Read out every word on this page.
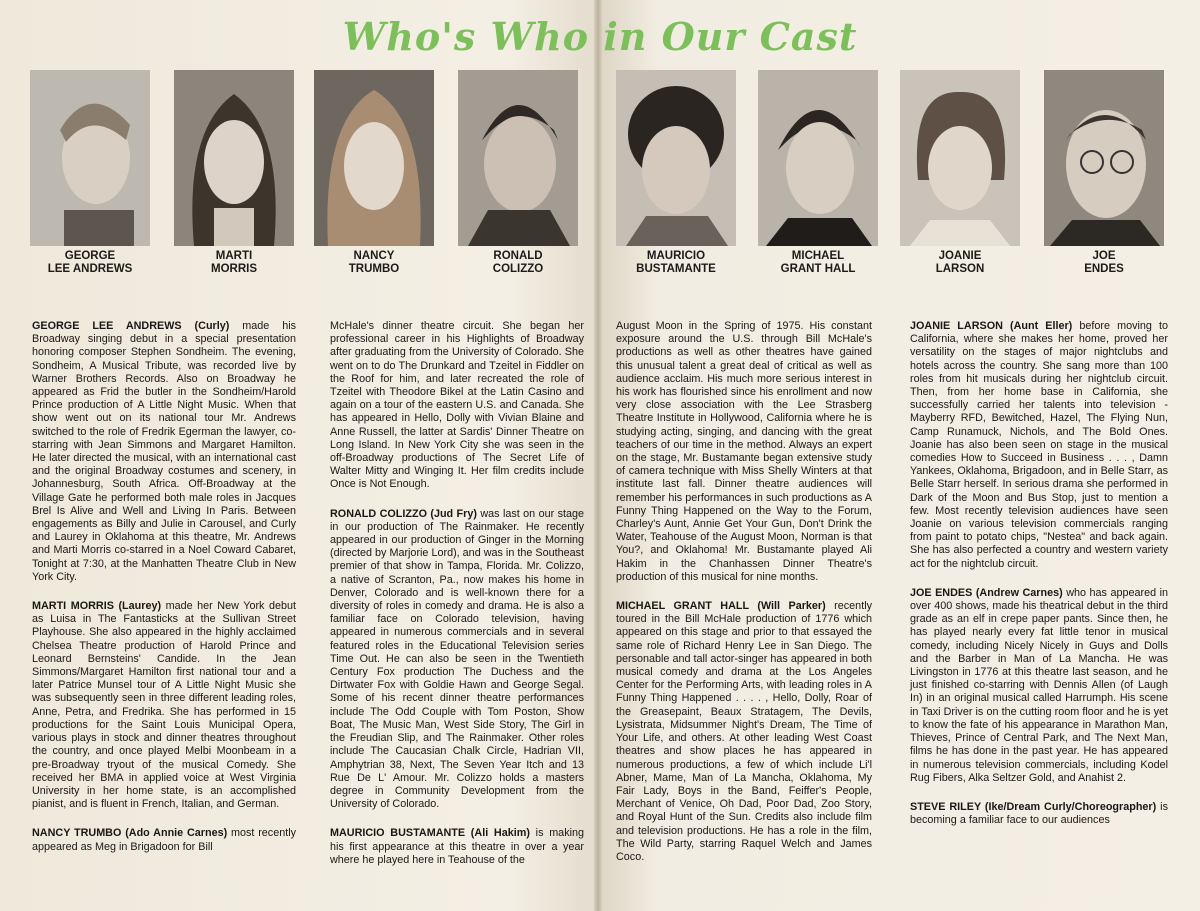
Who's Who in Our Cast
GEORGE
LEE ANDREWS
MARTI
MORRIS
NANCY
TRUMBO
RONALD
COLIZZO
MAURICIO
BUSTAMANTE
MICHAEL
GRANT HALL
JOANIE
LARSON
JOE
ENDES

GEORGE LEE ANDREWS (Curly) made his Broadway singing debut in a special presentation honoring composer Stephen Sondheim. The evening, Sondheim, A Musical Tribute, was recorded live by Warner Brothers Records. Also on Broadway he appeared as Frid the butler in the Sondheim/Harold Prince production of A Little Night Music. When that show went out on its national tour Mr. Andrews switched to the role of Fredrik Egerman the lawyer, co-starring with Jean Simmons and Margaret Hamilton. He later directed the musical, with an international cast and the original Broadway costumes and scenery, in Johannesburg, South Africa. Off-Broadway at the Village Gate he performed both male roles in Jacques Brel Is Alive and Well and Living In Paris. Between engagements as Billy and Julie in Carousel, and Curly and Laurey in Oklahoma at this theatre, Mr. Andrews and Marti Morris co-starred in a Noel Coward Cabaret, Tonight at 7:30, at the Manhatten Theatre Club in New York City.

MARTI MORRIS (Laurey) made her New York debut as Luisa in The Fantasticks at the Sullivan Street Playhouse. She also appeared in the highly acclaimed Chelsea Theatre production of Harold Prince and Leonard Bernsteins' Candide. In the Jean Simmons/Margaret Hamilton first national tour and a later Patrice Munsel tour of A Little Night Music she was subsequently seen in three different leading roles, Anne, Petra, and Fredrika. She has performed in 15 productions for the Saint Louis Municipal Opera, various plays in stock and dinner theatres throughout the country, and once played Melbi Moonbeam in a pre-Broadway tryout of the musical Comedy. She received her BMA in applied voice at West Virginia University in her home state, is an accomplished pianist, and is fluent in French, Italian, and German.

NANCY TRUMBO (Ado Annie Carnes) most recently appeared as Meg in Brigadoon for Bill

McHale's dinner theatre circuit. She began her professional career in his Highlights of Broadway after graduating from the University of Colorado. She went on to do The Drunkard and Tzeitel in Fiddler on the Roof for him, and later recreated the role of Tzeitel with Theodore Bikel at the Latin Casino and again on a tour of the eastern U.S. and Canada. She has appeared in Hello, Dolly with Vivian Blaine and Anne Russell, the latter at Sardis' Dinner Theatre on Long Island. In New York City she was seen in the off-Broadway productions of The Secret Life of Walter Mitty and Winging It. Her film credits include Once is Not Enough.

RONALD COLIZZO (Jud Fry) was last on our stage in our production of The Rainmaker. He recently appeared in our production of Ginger in the Morning (directed by Marjorie Lord), and was in the Southeast premier of that show in Tampa, Florida. Mr. Colizzo, a native of Scranton, Pa., now makes his home in Denver, Colorado and is well-known there for a diversity of roles in comedy and drama. He is also a familiar face on Colorado television, having appeared in numerous commercials and in several featured roles in the Educational Television series Time Out. He can also be seen in the Twentieth Century Fox production The Duchess and the Dirtwater Fox with Goldie Hawn and George Segal. Some of his recent dinner theatre performances include The Odd Couple with Tom Poston, Show Boat, The Music Man, West Side Story, The Girl in the Freudian Slip, and The Rainmaker. Other roles include The Caucasian Chalk Circle, Hadrian VII, Amphytrian 38, Next, The Seven Year Itch and 13 Rue De L' Amour. Mr. Colizzo holds a masters degree in Community Development from the University of Colorado.

MAURICIO BUSTAMANTE (Ali Hakim) is making his first appearance at this theatre in over a year where he played here in Teahouse of the

August Moon in the Spring of 1975. His constant exposure around the U.S. through Bill McHale's productions as well as other theatres have gained this unusual talent a great deal of critical as well as audience acclaim. His much more serious interest in his work has flourished since his enrollment and now very close association with the Lee Strasberg Theatre Institute in Hollywood, California where he is studying acting, singing, and dancing with the great teachers of our time in the method. Always an expert on the stage, Mr. Bustamante began extensive study of camera technique with Miss Shelly Winters at that institute last fall. Dinner theatre audiences will remember his performances in such productions as A Funny Thing Happened on the Way to the Forum, Charley's Aunt, Annie Get Your Gun, Don't Drink the Water, Teahouse of the August Moon, Norman is that You?, and Oklahoma! Mr. Bustamante played Ali Hakim in the Chanhassen Dinner Theatre's production of this musical for nine months.

MICHAEL GRANT HALL (Will Parker) recently toured in the Bill McHale production of 1776 which appeared on this stage and prior to that essayed the same role of Richard Henry Lee in San Diego. The personable and tall actor-singer has appeared in both musical comedy and drama at the Los Angeles Center for the Performing Arts, with leading roles in A Funny Thing Happened . . . . , Hello, Dolly, Roar of the Greasepaint, Beaux Stratagem, The Devils, Lysistrata, Midsummer Night's Dream, The Time of Your Life, and others. At other leading West Coast theatres and show places he has appeared in numerous productions, a few of which include Li'l Abner, Mame, Man of La Mancha, Oklahoma, My Fair Lady, Boys in the Band, Feiffer's People, Merchant of Venice, Oh Dad, Poor Dad, Zoo Story, and Royal Hunt of the Sun. Credits also include film and television productions. He has a role in the film, The Wild Party, starring Raquel Welch and James Coco.

JOANIE LARSON (Aunt Eller) before moving to California, where she makes her home, proved her versatility on the stages of major nightclubs and hotels across the country. She sang more than 100 roles from hit musicals during her nightclub circuit. Then, from her home base in California, she successfully carried her talents into television - Mayberry RFD, Bewitched, Hazel, The Flying Nun, Camp Runamuck, Nichols, and The Bold Ones. Joanie has also been seen on stage in the musical comedies How to Succeed in Business . . . , Damn Yankees, Oklahoma, Brigadoon, and in Belle Starr, as Belle Starr herself. In serious drama she performed in Dark of the Moon and Bus Stop, just to mention a few. Most recently television audiences have seen Joanie on various television commercials ranging from paint to potato chips, "Nestea" and back again. She has also perfected a country and western variety act for the nightclub circuit.

JOE ENDES (Andrew Carnes) who has appeared in over 400 shows, made his theatrical debut in the third grade as an elf in crepe paper pants. Since then, he has played nearly every fat little tenor in musical comedy, including Nicely Nicely in Guys and Dolls and the Barber in Man of La Mancha. He was Livingston in 1776 at this theatre last season, and he just finished co-starring with Dennis Allen (of Laugh In) in an original musical called Harrumph. His scene in Taxi Driver is on the cutting room floor and he is yet to know the fate of his appearance in Marathon Man, Thieves, Prince of Central Park, and The Next Man, films he has done in the past year. He has appeared in numerous television commercials, including Kodel Rug Fibers, Alka Seltzer Gold, and Anahist 2.

STEVE RILEY (Ike/Dream Curly/Choreographer) is becoming a familiar face to our audiences
